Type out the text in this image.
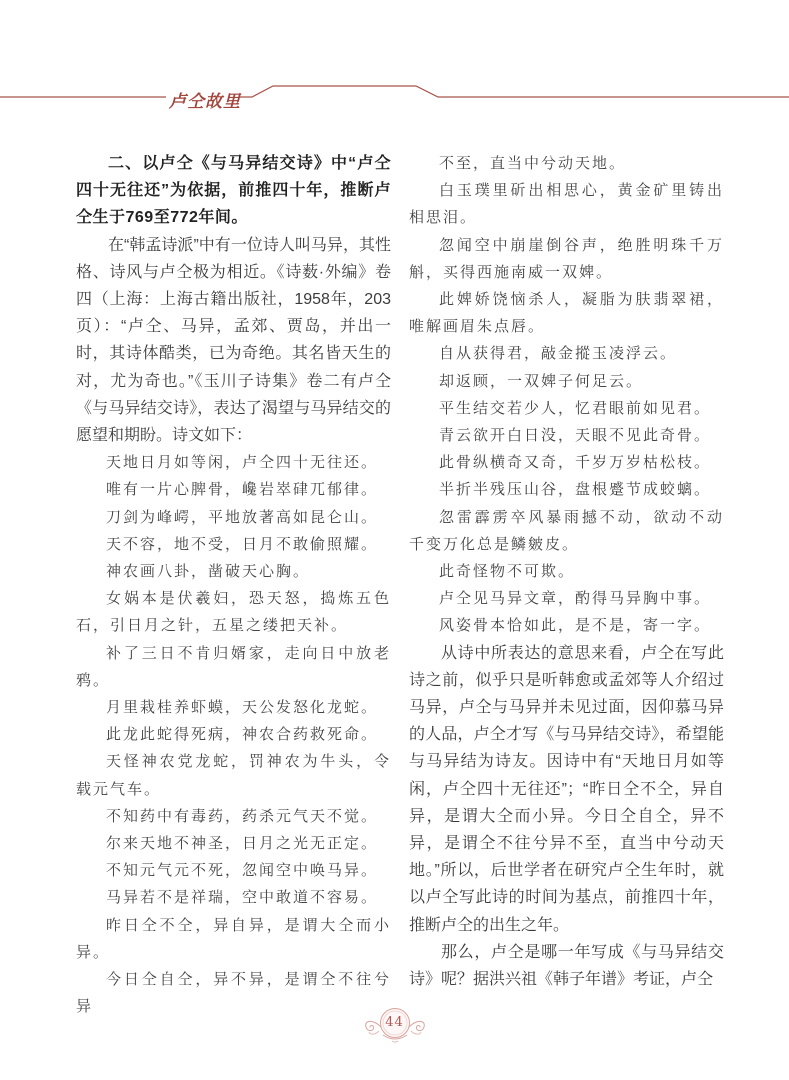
卢仝故里

二、以卢仝《与马异结交诗》中“卢仝四十无往还”为依据，前推四十年，推断卢仝生于769至772年间。

在“韩孟诗派”中有一位诗人叫马异，其性格、诗风与卢仝极为相近。《诗薮·外编》卷四（上海：上海古籍出版社，1958年，203页）：“卢仝、马异，孟郊、贾岛，并出一时，其诗体酷类，已为奇绝。其名皆天生的对，尤为奇也。”《玉川子诗集》卷二有卢仝《与马异结交诗》，表达了渴望与马异结交的愿望和期盼。诗文如下：

天地日月如等闲，卢仝四十无往还。

唯有一片心脾骨，巉岩崒硉兀郁律。

刀剑为峰崿，平地放著高如昆仑山。

天不容，地不受，日月不敢偷照耀。

神农画八卦，凿破天心胸。

女娲本是伏羲妇，恐天怒，捣炼五色石，引日月之针，五星之缕把天补。

补了三日不肯归婿家，走向日中放老鸦。

月里栽桂养虾蟆，天公发怒化龙蛇。

此龙此蛇得死病，神农合药救死命。

天怪神农党龙蛇，罚神农为牛头，令载元气车。

不知药中有毒药，药杀元气天不觉。

尔来天地不神圣，日月之光无正定。

不知元气元不死，忽闻空中唤马异。

马异若不是祥瑞，空中敢道不容易。

昨日仝不仝，异自异，是谓大仝而小异。

今日仝自仝，异不异，是谓仝不往兮异

不至，直当中兮动天地。

白玉璞里斫出相思心，黄金矿里铸出相思泪。

忽闻空中崩崖倒谷声，绝胜明珠千万斛，买得西施南威一双婢。

此婢娇饶恼杀人，凝脂为肤翡翠裙，唯解画眉朱点唇。

自从获得君，敲金摐玉凌浮云。

却返顾，一双婢子何足云。

平生结交若少人，忆君眼前如见君。

青云欲开白日没，天眼不见此奇骨。

此骨纵横奇又奇，千岁万岁枯松枝。

半折半残压山谷，盘根蹙节成蛟螭。

忽雷霹雳卒风暴雨撼不动，欲动不动千变万化总是鳞皴皮。

此奇怪物不可欺。

卢仝见马异文章，酌得马异胸中事。

风姿骨本恰如此，是不是，寄一字。

从诗中所表达的意思来看，卢仝在写此诗之前，似乎只是听韩愈或孟郊等人介绍过马异，卢仝与马异并未见过面，因仰慕马异的人品，卢仝才写《与马异结交诗》，希望能与马异结为诗友。因诗中有“天地日月如等闲，卢仝四十无往还”；“昨日仝不仝，异自异，是谓大仝而小异。今日仝自仝，异不异，是谓仝不往兮异不至，直当中兮动天地。”所以，后世学者在研究卢仝生年时，就以卢仝写此诗的时间为基点，前推四十年，推断卢仝的出生之年。

那么，卢仝是哪一年写成《与马异结交诗》呢？据洪兴祖《韩子年谱》考证，卢仝

44
